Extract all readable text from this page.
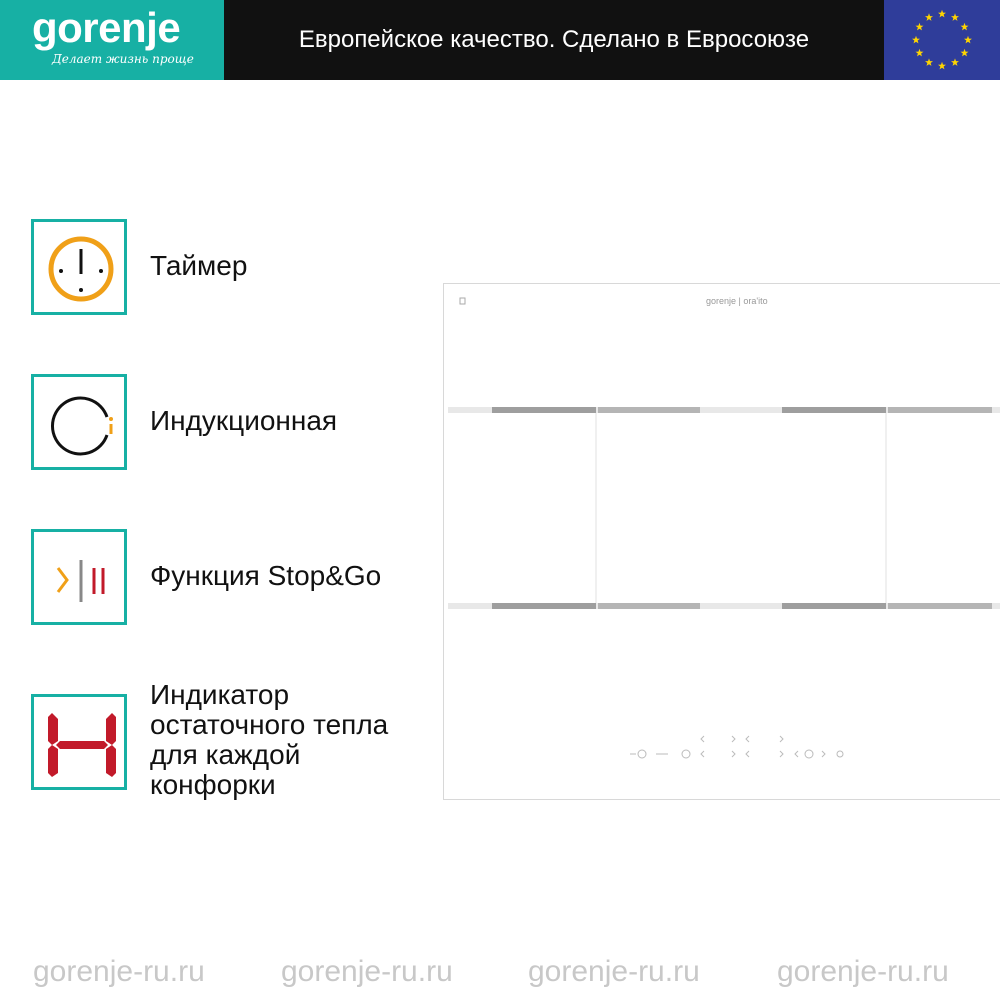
gorenje
Делает жизнь проще
Европейское качество. Сделано в Евросоюзе
Таймер
Индукционная
Функция Stop&Go
Индикатор
остаточного тепла
для каждой
конфорки
gorenje | ora'ito
gorenje-ru.ru	gorenje-ru.ru	gorenje-ru.ru	gorenje-ru.ru
